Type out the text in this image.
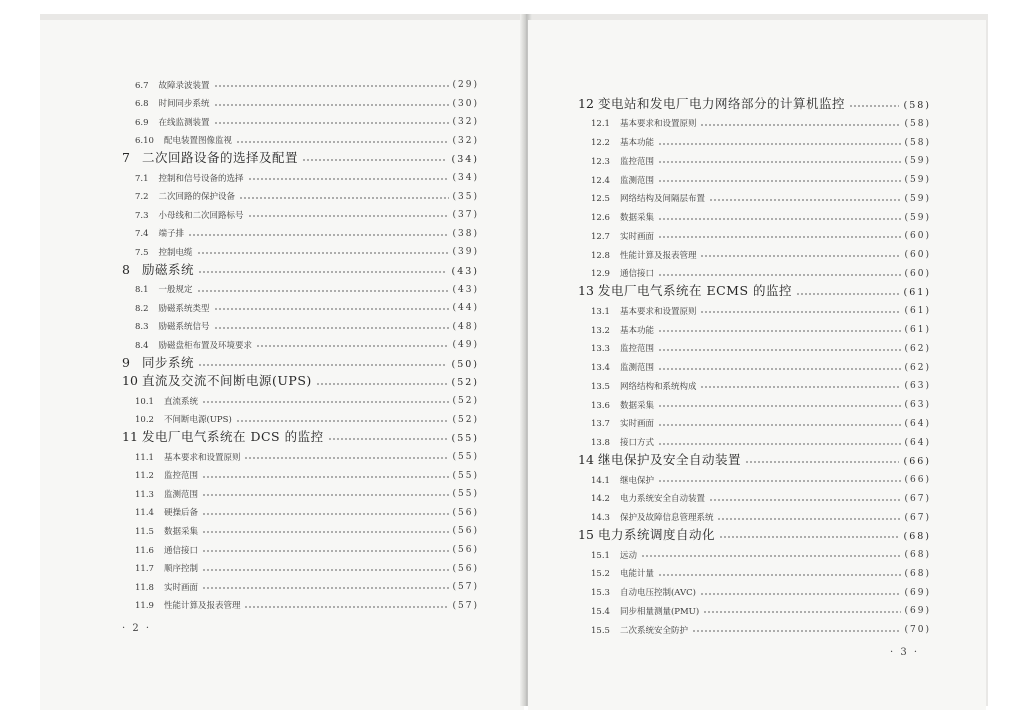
6.7 故障录波装置	(29)
6.8 时间同步系统	(30)
6.9 在线监测装置	(32)
6.10 配电装置图像监视	(32)
7 二次回路设备的选择及配置	(34)
7.1 控制和信号设备的选择	(34)
7.2 二次回路的保护设备	(35)
7.3 小母线和二次回路标号	(37)
7.4 端子排	(38)
7.5 控制电缆	(39)
8 励磁系统	(43)
8.1 一般规定	(43)
8.2 励磁系统类型	(44)
8.3 励磁系统信号	(48)
8.4 励磁盘柜布置及环境要求	(49)
9 同步系统	(50)
10 直流及交流不间断电源(UPS)	(52)
10.1 直流系统	(52)
10.2 不间断电源(UPS)	(52)
11 发电厂电气系统在 DCS 的监控	(55)
11.1 基本要求和设置原则	(55)
11.2 监控范围	(55)
11.3 监测范围	(55)
11.4 硬操后备	(56)
11.5 数据采集	(56)
11.6 通信接口	(56)
11.7 顺序控制	(56)
11.8 实时画面	(57)
11.9 性能计算及报表管理	(57)
· 2 ·
12 变电站和发电厂电力网络部分的计算机监控	(58)
12.1 基本要求和设置原则	(58)
12.2 基本功能	(58)
12.3 监控范围	(59)
12.4 监测范围	(59)
12.5 网络结构及间隔层布置	(59)
12.6 数据采集	(59)
12.7 实时画面	(60)
12.8 性能计算及报表管理	(60)
12.9 通信接口	(60)
13 发电厂电气系统在 ECMS 的监控	(61)
13.1 基本要求和设置原则	(61)
13.2 基本功能	(61)
13.3 监控范围	(62)
13.4 监测范围	(62)
13.5 网络结构和系统构成	(63)
13.6 数据采集	(63)
13.7 实时画面	(64)
13.8 接口方式	(64)
14 继电保护及安全自动装置	(66)
14.1 继电保护	(66)
14.2 电力系统安全自动装置	(67)
14.3 保护及故障信息管理系统	(67)
15 电力系统调度自动化	(68)
15.1 远动	(68)
15.2 电能计量	(68)
15.3 自动电压控制(AVC)	(69)
15.4 同步相量测量(PMU)	(69)
15.5 二次系统安全防护	(70)
· 3 ·
